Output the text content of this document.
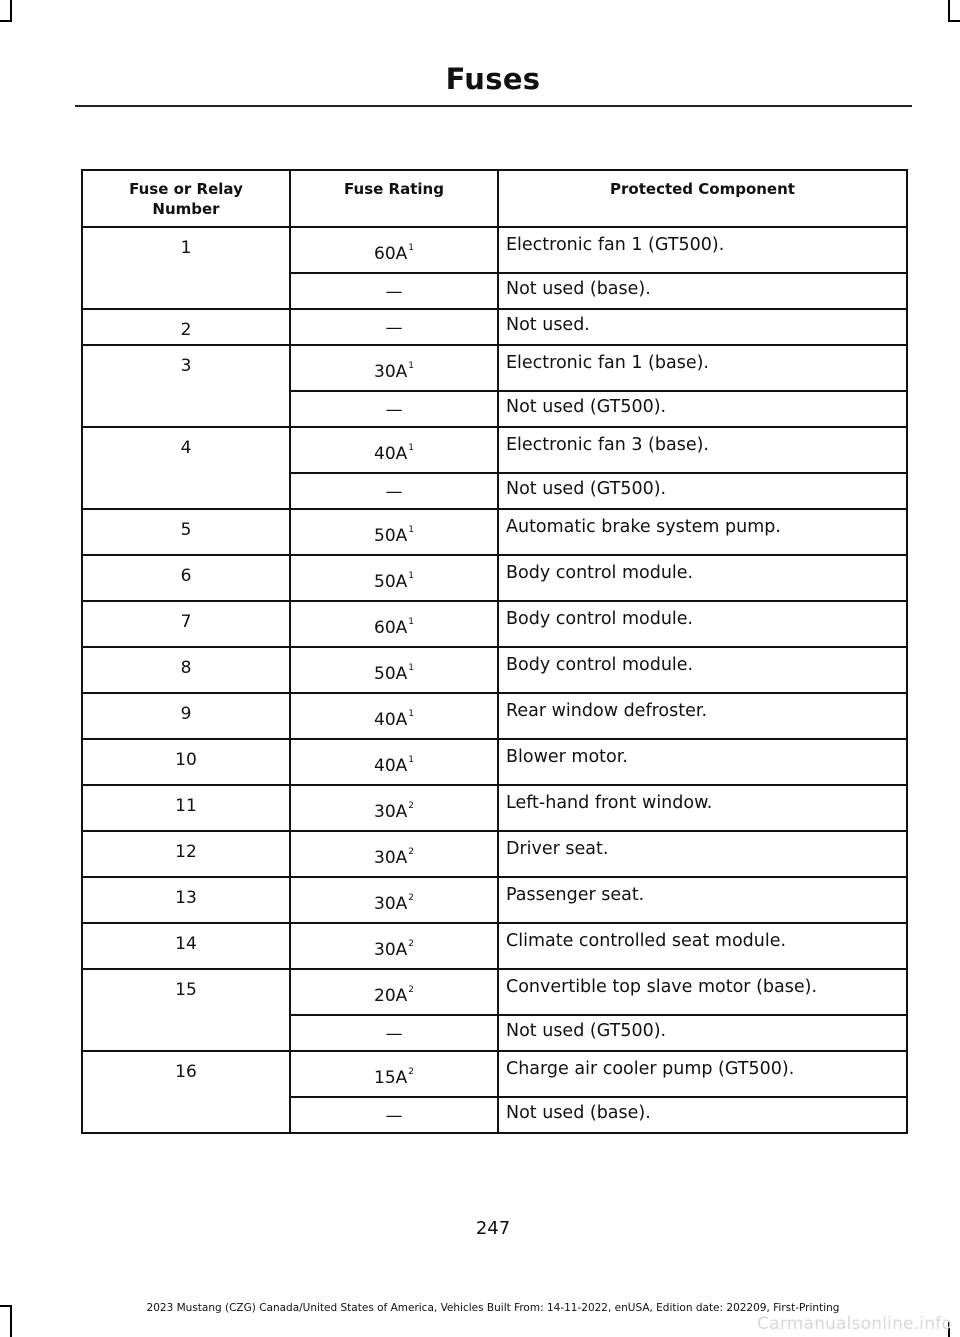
Fuses
Fuse or Relay Number	Fuse Rating	Protected Component
1	$60A^1$	Electronic fan 1 (GT500).
	—	Not used (base).
2	—	Not used.
3	$30A^1$	Electronic fan 1 (base).
	—	Not used (GT500).
4	$40A^1$	Electronic fan 3 (base).
	—	Not used (GT500).
5	$50A^1$	Automatic brake system pump.
6	$50A^1$	Body control module.
7	$60A^1$	Body control module.
8	$50A^1$	Body control module.
9	$40A^1$	Rear window defroster.
10	$40A^1$	Blower motor.
11	$30A^2$	Left-hand front window.
12	$30A^2$	Driver seat.
13	$30A^2$	Passenger seat.
14	$30A^2$	Climate controlled seat module.
15	$20A^2$	Convertible top slave motor (base).
	—	Not used (GT500).
16	$15A^2$	Charge air cooler pump (GT500).
	—	Not used (base).
247
2023 Mustang (CZG) Canada/United States of America, Vehicles Built From: 14-11-2022, enUSA, Edition date: 202209, First-Printing
Carmanualsonline.info
